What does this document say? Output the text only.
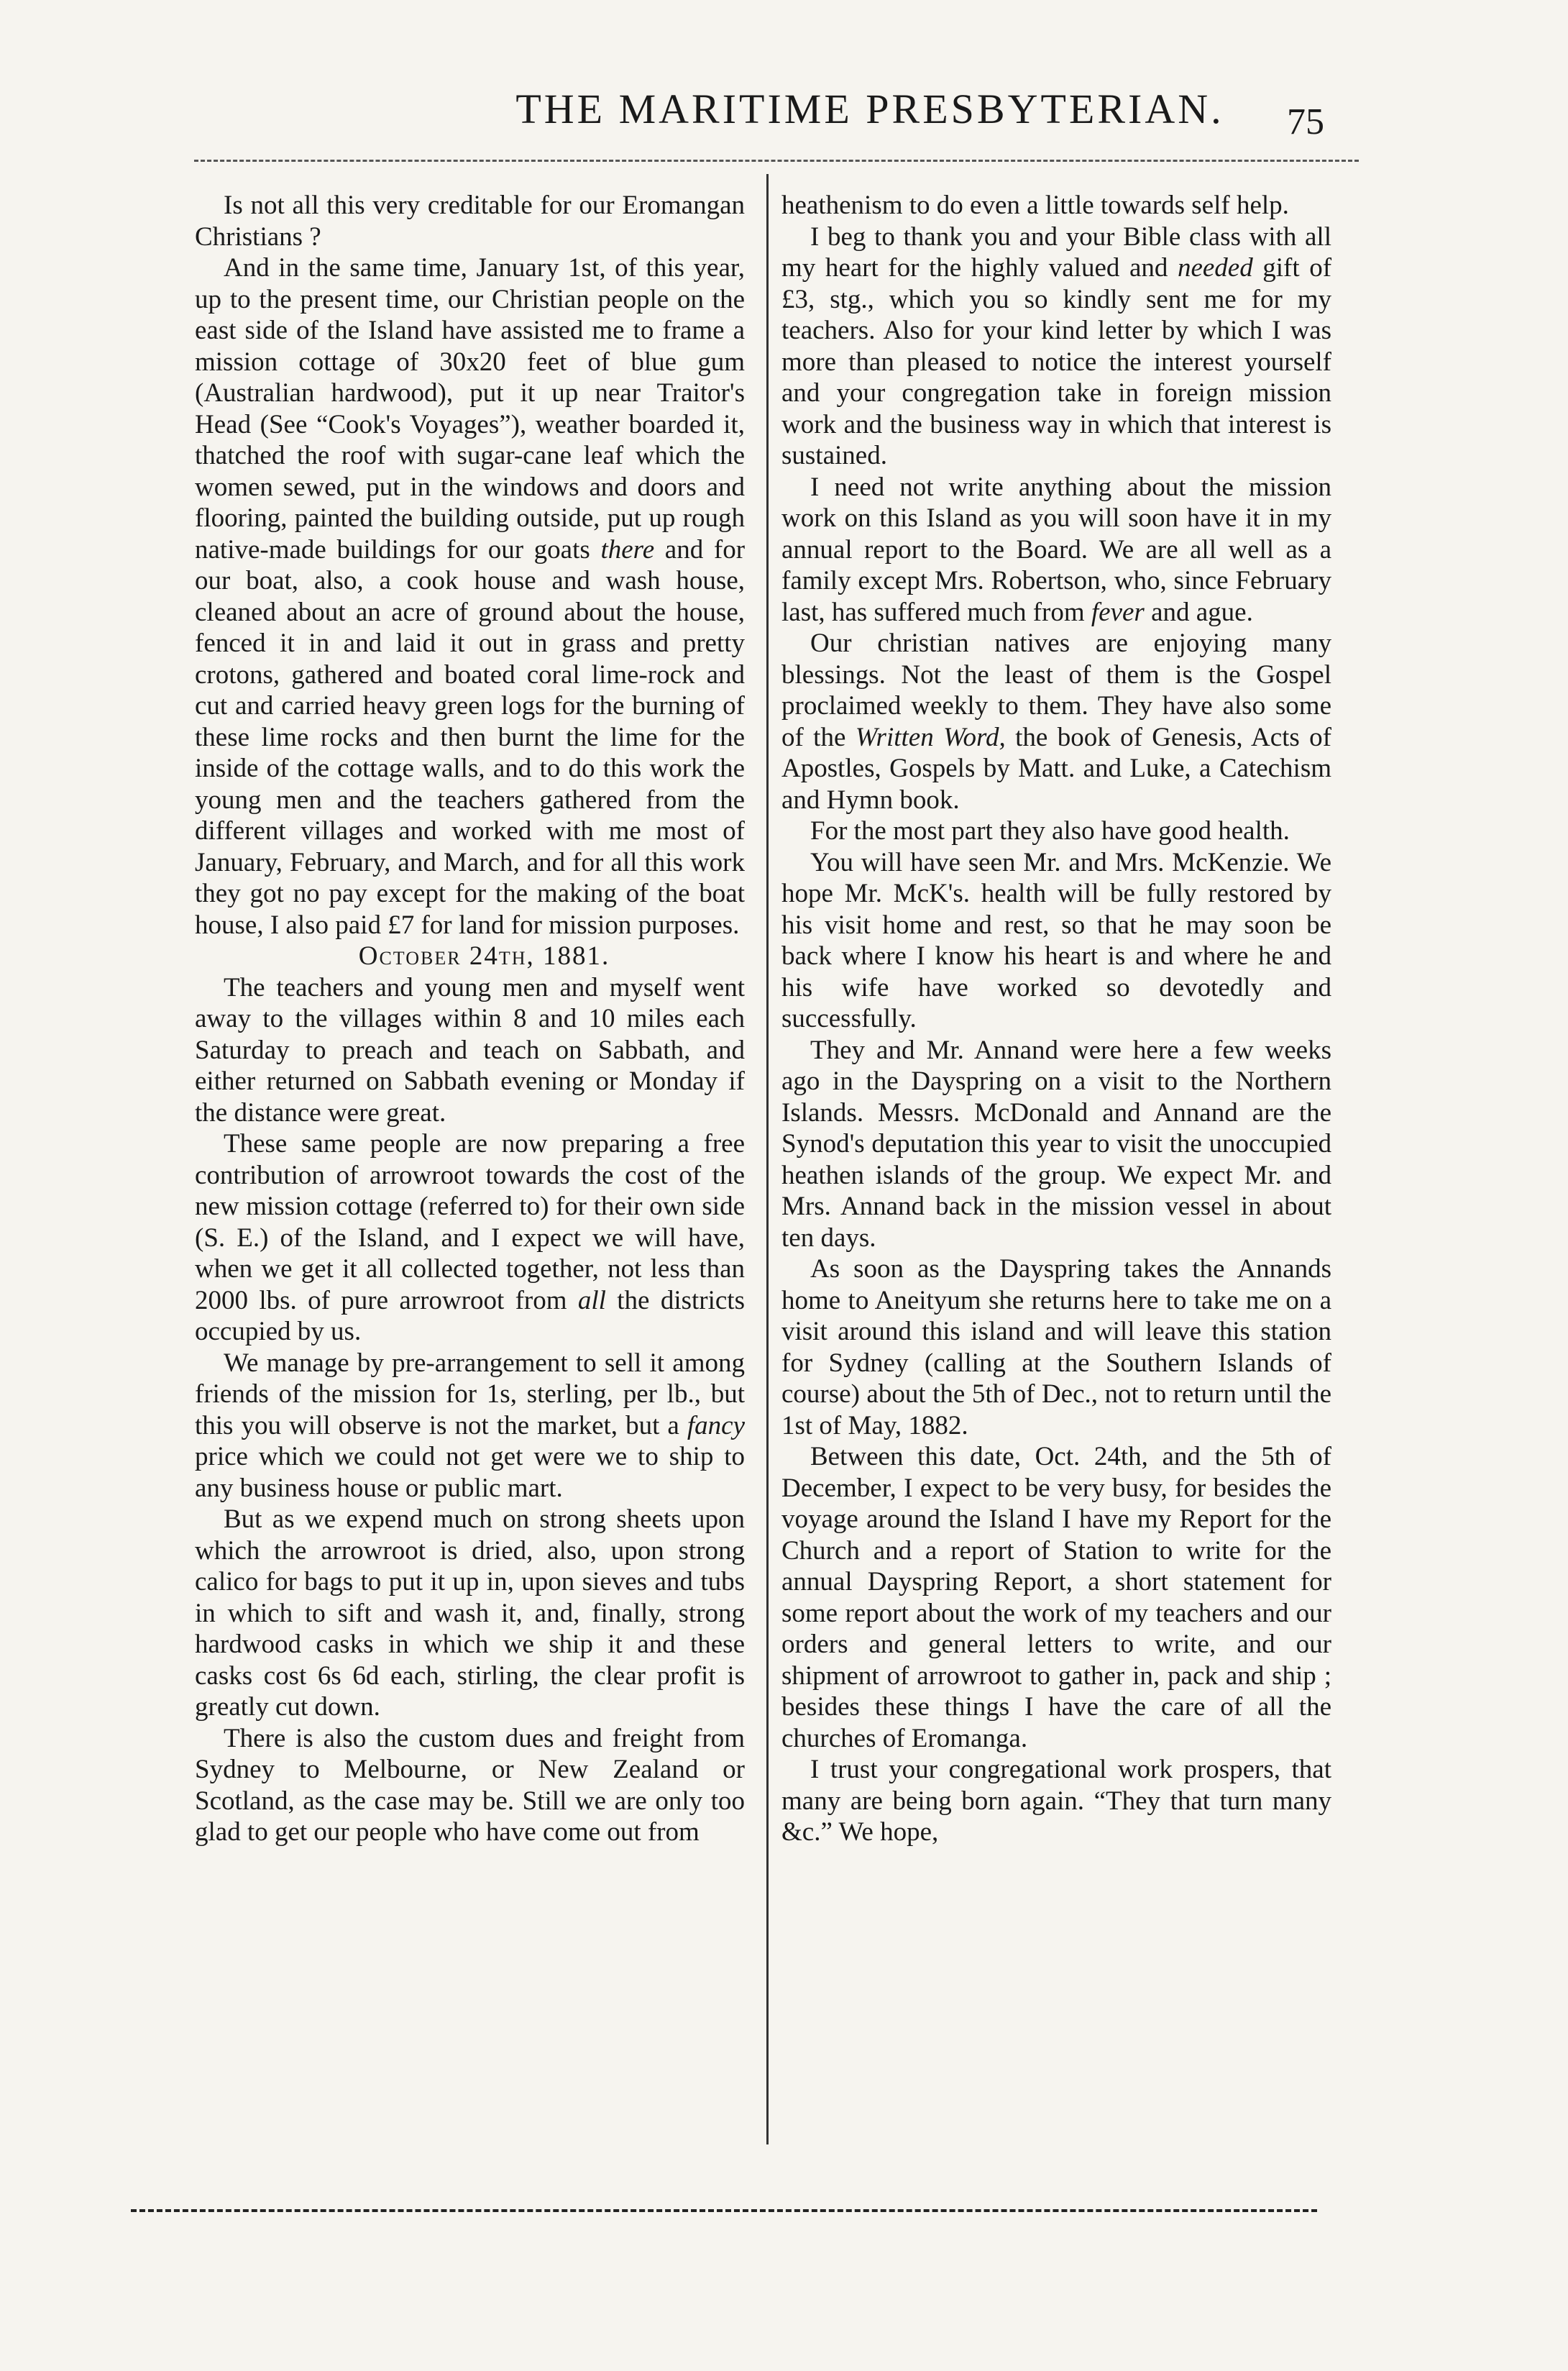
THE MARITIME PRESBYTERIAN.	75

Is not all this very creditable for our Eromangan Christians ?

And in the same time, January 1st, of this year, up to the present time, our Christian people on the east side of the Island have assisted me to frame a mission cottage of 30x20 feet of blue gum (Australian hardwood), put it up near Traitor's Head (See “Cook's Voyages”), weather boarded it, thatched the roof with sugar-cane leaf which the women sewed, put in the windows and doors and flooring, painted the building outside, put up rough native-made buildings for our goats there and for our boat, also, a cook house and wash house, cleaned about an acre of ground about the house, fenced it in and laid it out in grass and pretty crotons, gathered and boated coral lime-rock and cut and carried heavy green logs for the burning of these lime rocks and then burnt the lime for the inside of the cottage walls, and to do this work the young men and the teachers gathered from the different villages and worked with me most of January, February, and March, and for all this work they got no pay except for the making of the boat house, I also paid £7 for land for mission purposes.

October 24th, 1881.

The teachers and young men and myself went away to the villages within 8 and 10 miles each Saturday to preach and teach on Sabbath, and either returned on Sabbath evening or Monday if the distance were great.

These same people are now preparing a free contribution of arrowroot towards the cost of the new mission cottage (referred to) for their own side (S. E.) of the Island, and I expect we will have, when we get it all collected together, not less than 2000 lbs. of pure arrowroot from all the districts occupied by us.

We manage by pre-arrangement to sell it among friends of the mission for 1s, sterling, per lb., but this you will observe is not the market, but a fancy price which we could not get were we to ship to any business house or public mart.

But as we expend much on strong sheets upon which the arrowroot is dried, also, upon strong calico for bags to put it up in, upon sieves and tubs in which to sift and wash it, and, finally, strong hardwood casks in which we ship it and these casks cost 6s 6d each, stirling, the clear profit is greatly cut down.

There is also the custom dues and freight from Sydney to Melbourne, or New Zealand or Scotland, as the case may be. Still we are only too glad to get our people who have come out from

heathenism to do even a little towards self help.

I beg to thank you and your Bible class with all my heart for the highly valued and needed gift of £3, stg., which you so kindly sent me for my teachers. Also for your kind letter by which I was more than pleased to notice the interest yourself and your congregation take in foreign mission work and the business way in which that interest is sustained.

I need not write anything about the mission work on this Island as you will soon have it in my annual report to the Board. We are all well as a family except Mrs. Robertson, who, since February last, has suffered much from fever and ague.

Our christian natives are enjoying many blessings. Not the least of them is the Gospel proclaimed weekly to them. They have also some of the Written Word, the book of Genesis, Acts of Apostles, Gospels by Matt. and Luke, a Catechism and Hymn book.

For the most part they also have good health.

You will have seen Mr. and Mrs. McKenzie. We hope Mr. McK's. health will be fully restored by his visit home and rest, so that he may soon be back where I know his heart is and where he and his wife have worked so devotedly and successfully.

They and Mr. Annand were here a few weeks ago in the Dayspring on a visit to the Northern Islands. Messrs. McDonald and Annand are the Synod's deputation this year to visit the unoccupied heathen islands of the group. We expect Mr. and Mrs. Annand back in the mission vessel in about ten days.

As soon as the Dayspring takes the Annands home to Aneityum she returns here to take me on a visit around this island and will leave this station for Sydney (calling at the Southern Islands of course) about the 5th of Dec., not to return until the 1st of May, 1882.

Between this date, Oct. 24th, and the 5th of December, I expect to be very busy, for besides the voyage around the Island I have my Report for the Church and a report of Station to write for the annual Dayspring Report, a short statement for some report about the work of my teachers and our orders and general letters to write, and our shipment of arrowroot to gather in, pack and ship ; besides these things I have the care of all the churches of Eromanga.

I trust your congregational work prospers, that many are being born again. “They that turn many &c.” We hope,
